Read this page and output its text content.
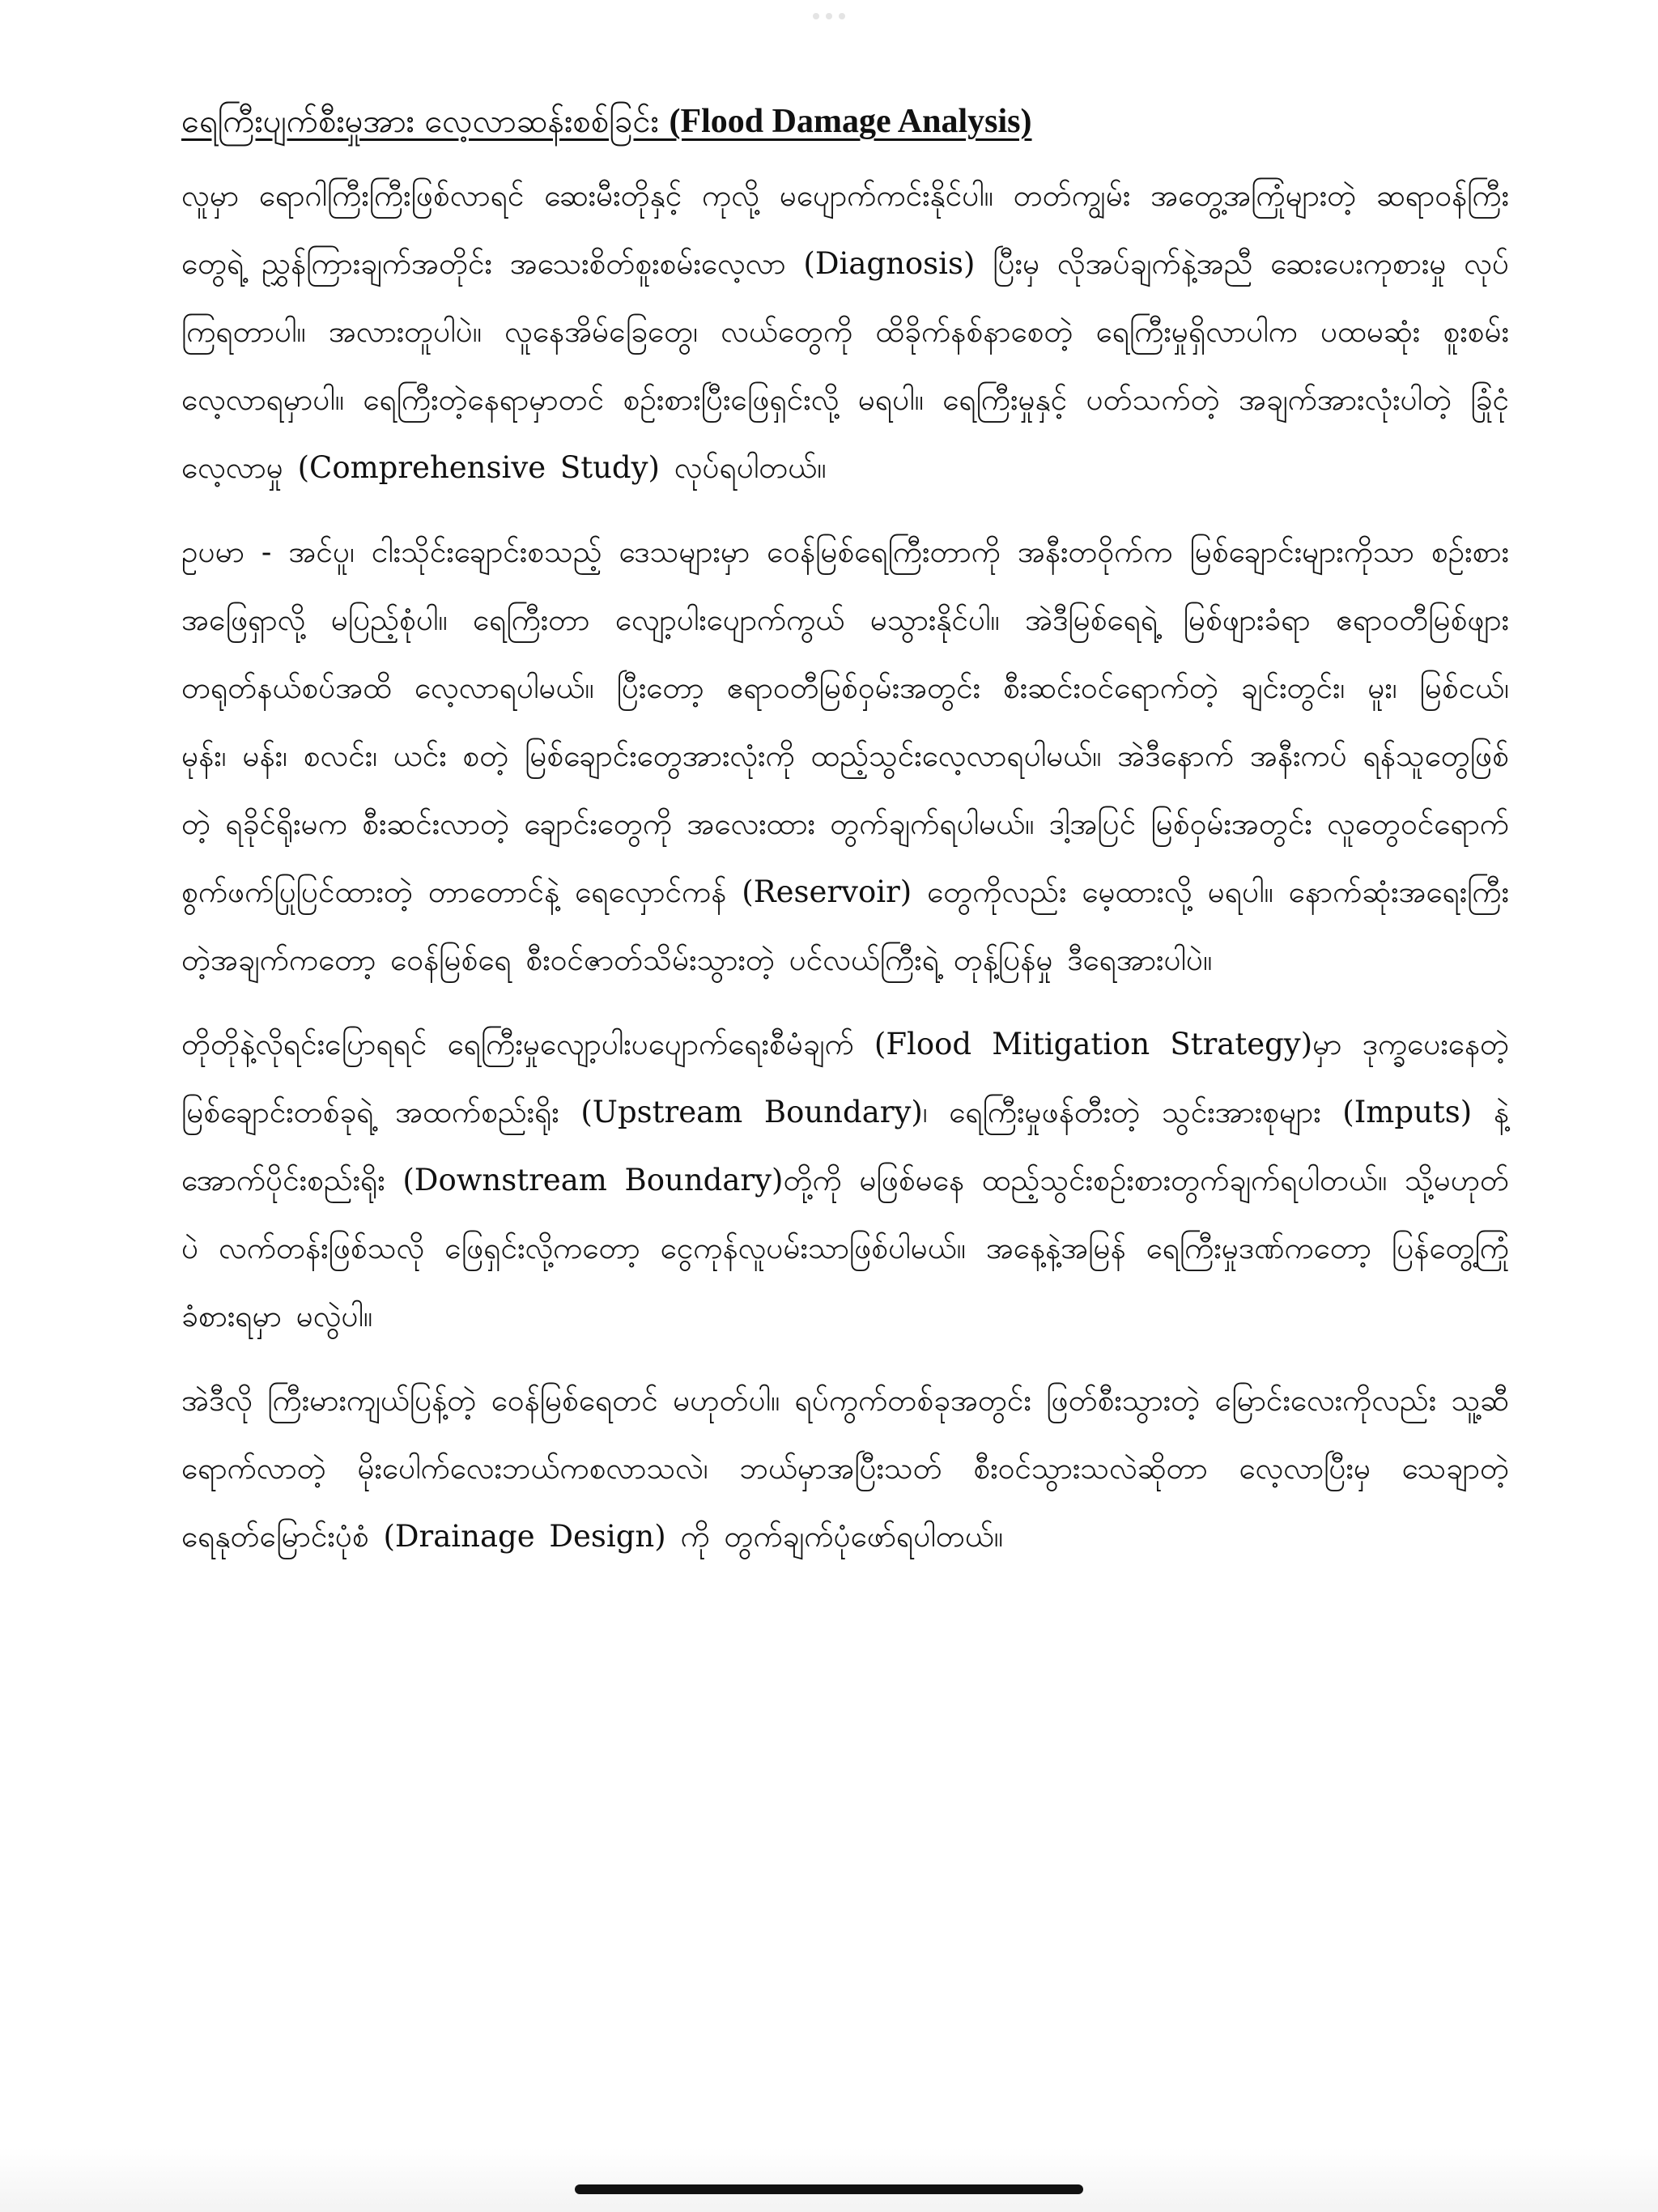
ရေကြီးပျက်စီးမှုအား လေ့လာဆန်းစစ်ခြင်း (Flood Damage Analysis)

လူမှာ ရောဂါကြီးကြီးဖြစ်လာရင် ဆေးမီးတိုနှင့် ကုလို့ မပျောက်ကင်းနိုင်ပါ။ တတ်ကျွမ်း အတွေ့အကြုံများတဲ့ ဆရာဝန်ကြီးတွေရဲ့ ညွှန်ကြားချက်အတိုင်း အသေးစိတ်စူးစမ်းလေ့လာ (Diagnosis) ပြီးမှ လိုအပ်ချက်နဲ့အညီ ဆေးပေးကုစားမှု လုပ်ကြရတာပါ။ အလားတူပါပဲ။ လူနေအိမ်ခြေတွေ၊ လယ်တွေကို ထိခိုက်နစ်နာစေတဲ့ ရေကြီးမှုရှိလာပါက ပထမဆုံး စူးစမ်း လေ့လာရမှာပါ။ ရေကြီးတဲ့နေရာမှာတင် စဉ်းစားပြီးဖြေရှင်းလို့ မရပါ။ ရေကြီးမှုနှင့် ပတ်သက်တဲ့ အချက်အားလုံးပါတဲ့ ခြုံငုံလေ့လာမှု (Comprehensive Study) လုပ်ရပါတယ်။

ဥပမာ - အင်ပူ၊ ငါးသိုင်းချောင်းစသည့် ဒေသများမှာ ဝေန်မြစ်ရေကြီးတာကို အနီးတဝိုက်က မြစ်ချောင်းများကိုသာ စဉ်းစားအဖြေရှာလို့ မပြည့်စုံပါ။ ရေကြီးတာ လျော့ပါးပျောက်ကွယ် မသွားနိုင်ပါ။ အဲဒီမြစ်ရေရဲ့ မြစ်ဖျားခံရာ ဧရာဝတီမြစ်ဖျား တရုတ်နယ်စပ်အထိ လေ့လာရပါမယ်။ ပြီးတော့ ဧရာဝတီမြစ်ဝှမ်းအတွင်း စီးဆင်းဝင်ရောက်တဲ့ ချင်းတွင်း၊ မူး၊ မြစ်ငယ်၊ မုန်း၊ မန်း၊ စလင်း၊ ယင်း စတဲ့ မြစ်ချောင်းတွေအားလုံးကို ထည့်သွင်းလေ့လာရပါမယ်။ အဲဒီနောက် အနီးကပ် ရန်သူတွေဖြစ်တဲ့ ရခိုင်ရိုးမက စီးဆင်းလာတဲ့ ချောင်းတွေကို အလေးထား တွက်ချက်ရပါမယ်။ ဒါ့အပြင် မြစ်ဝှမ်းအတွင်း လူတွေဝင်ရောက်စွက်ဖက်ပြုပြင်ထားတဲ့ တာတောင်နဲ့ ရေလှောင်ကန် (Reservoir) တွေကိုလည်း မေ့ထားလို့ မရပါ။ နောက်ဆုံးအရေးကြီးတဲ့အချက်ကတော့ ဝေန်မြစ်ရေ စီးဝင်ဇာတ်သိမ်းသွားတဲ့ ပင်လယ်ကြီးရဲ့ တုန့်ပြန်မှု ဒီရေအားပါပဲ။

တိုတိုနဲ့လိုရင်းပြောရရင် ရေကြီးမှုလျော့ပါးပပျောက်ရေးစီမံချက် (Flood Mitigation Strategy)မှာ ဒုက္ခပေးနေတဲ့ မြစ်ချောင်းတစ်ခုရဲ့ အထက်စည်းရိုး (Upstream Boundary)၊ ရေကြီးမှုဖန်တီးတဲ့ သွင်းအားစုများ (Imputs) နဲ့ အောက်ပိုင်းစည်းရိုး (Downstream Boundary)တို့ကို မဖြစ်မနေ ထည့်သွင်းစဉ်းစားတွက်ချက်ရပါတယ်။ သို့မဟုတ်ပဲ လက်တန်းဖြစ်သလို ဖြေရှင်းလို့ကတော့ ငွေကုန်လူပမ်းသာဖြစ်ပါမယ်။ အနေ့နဲ့အမြန် ရေကြီးမှုဒဏ်ကတော့ ပြန်တွေ့ကြုံ ခံစားရမှာ မလွဲပါ။

အဲဒီလို ကြီးမားကျယ်ပြန့်တဲ့ ဝေန်မြစ်ရေတင် မဟုတ်ပါ။ ရပ်ကွက်တစ်ခုအတွင်း ဖြတ်စီးသွားတဲ့ မြောင်းလေးကိုလည်း သူ့ဆီရောက်လာတဲ့ မိုးပေါက်လေးဘယ်ကစလာသလဲ၊ ဘယ်မှာအပြီးသတ် စီးဝင်သွားသလဲဆိုတာ လေ့လာပြီးမှ သေချာတဲ့ ရေနုတ်မြောင်းပုံစံ (Drainage Design) ကို တွက်ချက်ပုံဖော်ရပါတယ်။
